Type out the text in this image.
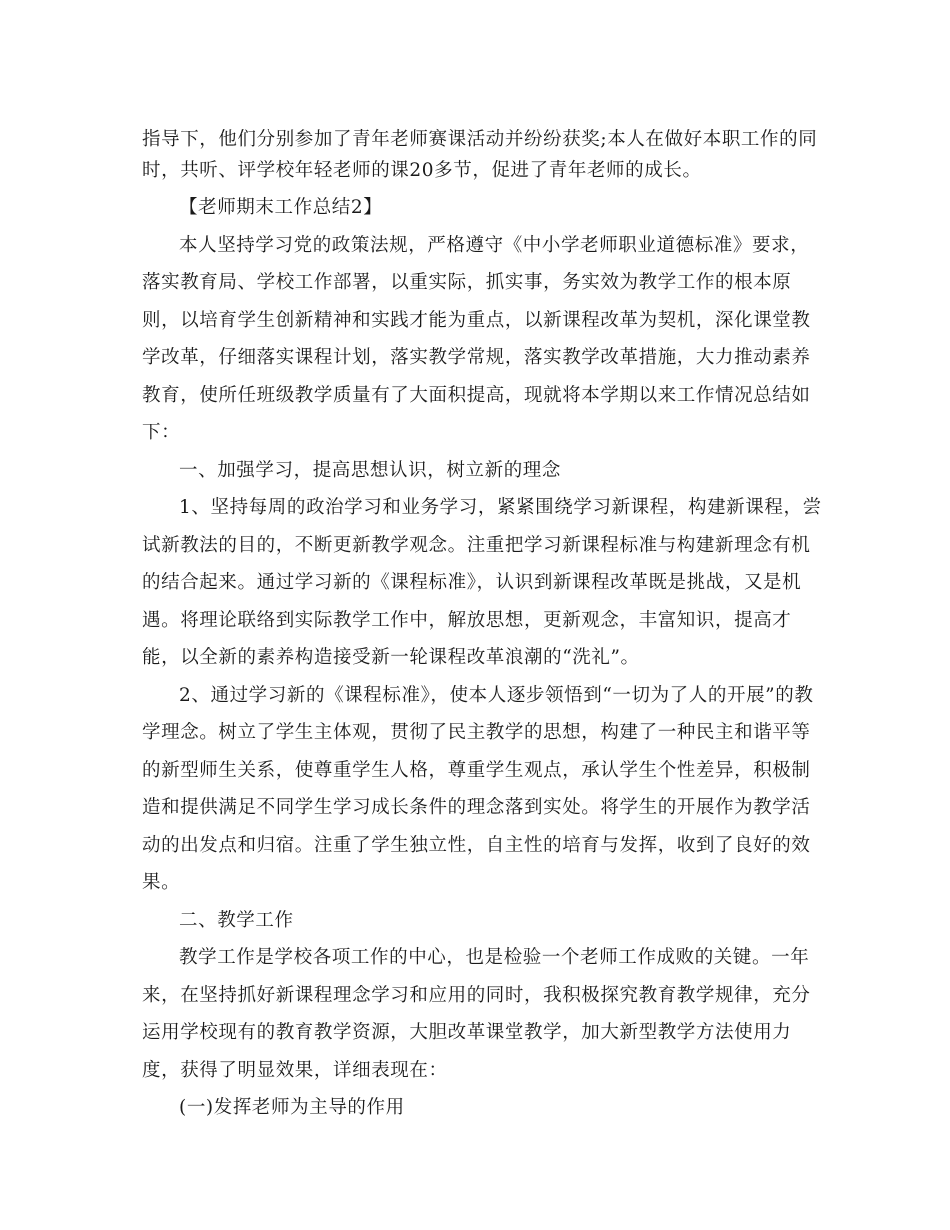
指导下，他们分别参加了青年老师赛课活动并纷纷获奖;本人在做好本职工作的同
时，共听、评学校年轻老师的课20多节，促进了青年老师的成长。
【老师期末工作总结2】
本人坚持学习党的政策法规，严格遵守《中小学老师职业道德标准》要求，
落实教育局、学校工作部署，以重实际，抓实事，务实效为教学工作的根本原
则，以培育学生创新精神和实践才能为重点，以新课程改革为契机，深化课堂教
学改革，仔细落实课程计划，落实教学常规，落实教学改革措施，大力推动素养
教育，使所任班级教学质量有了大面积提高，现就将本学期以来工作情况总结如
下：
一、加强学习，提高思想认识，树立新的理念
1、坚持每周的政治学习和业务学习，紧紧围绕学习新课程，构建新课程，尝
试新教法的目的，不断更新教学观念。注重把学习新课程标准与构建新理念有机
的结合起来。通过学习新的《课程标准》，认识到新课程改革既是挑战，又是机
遇。将理论联络到实际教学工作中，解放思想，更新观念，丰富知识，提高才
能，以全新的素养构造接受新一轮课程改革浪潮的“洗礼”。
2、通过学习新的《课程标准》，使本人逐步领悟到“一切为了人的开展”的教
学理念。树立了学生主体观，贯彻了民主教学的思想，构建了一种民主和谐平等
的新型师生关系，使尊重学生人格，尊重学生观点，承认学生个性差异，积极制
造和提供满足不同学生学习成长条件的理念落到实处。将学生的开展作为教学活
动的出发点和归宿。注重了学生独立性，自主性的培育与发挥，收到了良好的效
果。
二、教学工作
教学工作是学校各项工作的中心，也是检验一个老师工作成败的关键。一年
来，在坚持抓好新课程理念学习和应用的同时，我积极探究教育教学规律，充分
运用学校现有的教育教学资源，大胆改革课堂教学，加大新型教学方法使用力
度，获得了明显效果，详细表现在：
(一)发挥老师为主导的作用
